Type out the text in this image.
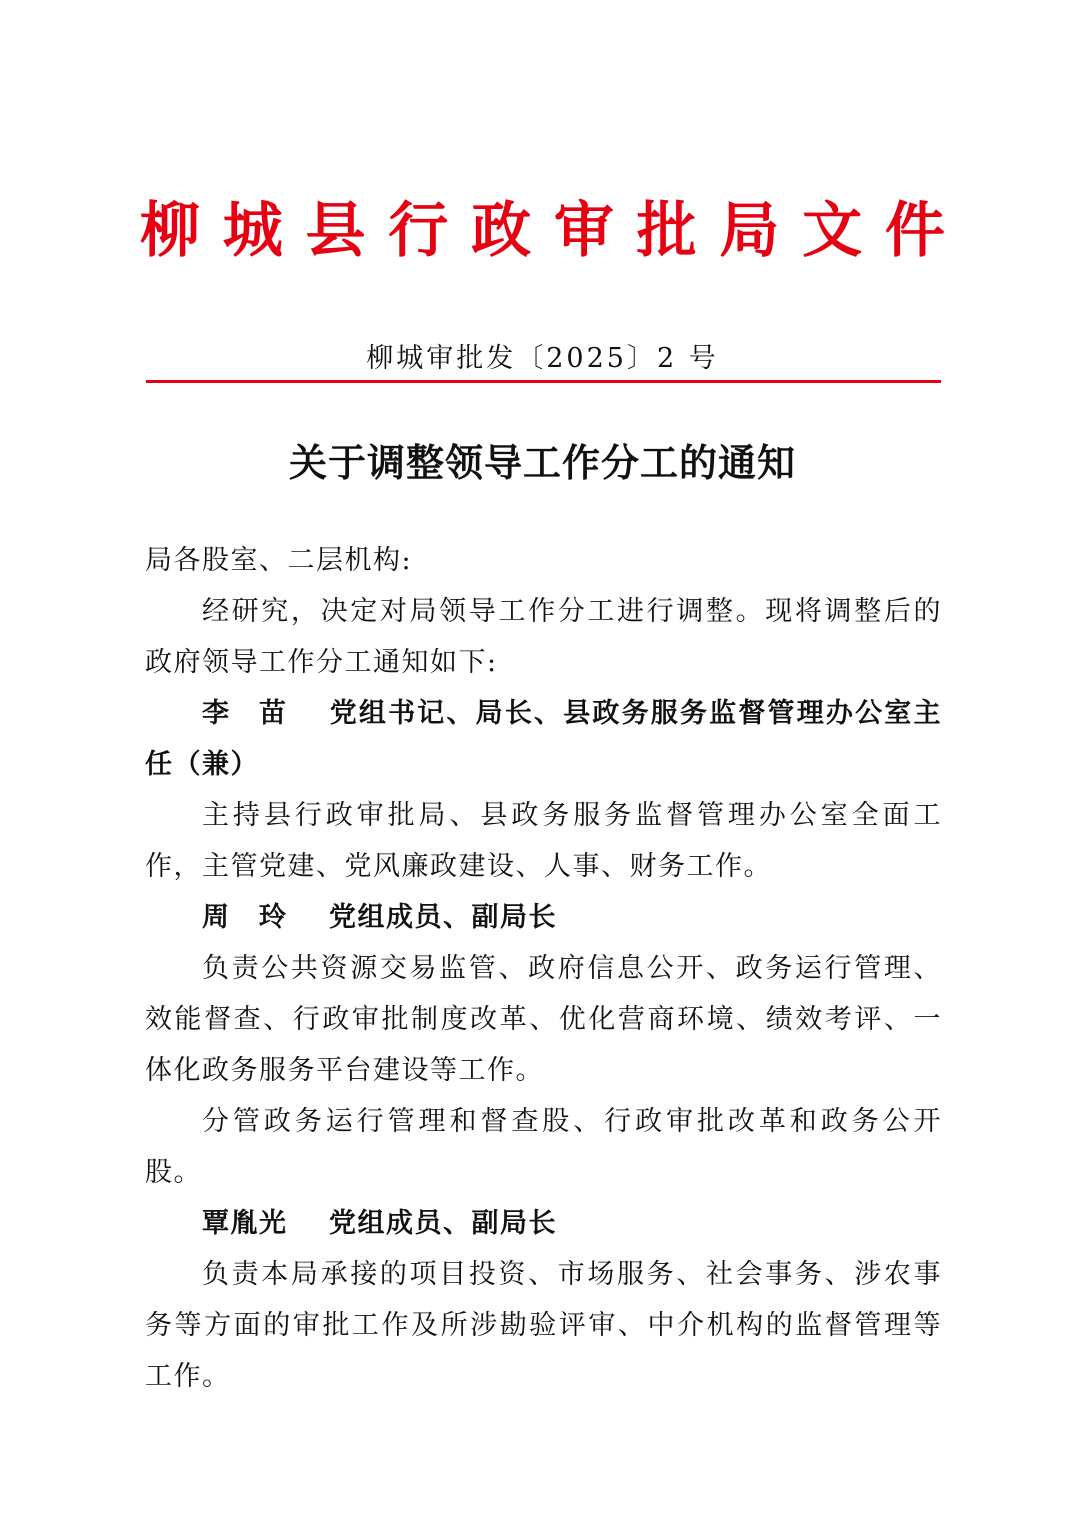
柳 城 县 行 政 审 批 局 文 件
柳城审批发〔2025〕2 号
关于调整领导工作分工的通知

局各股室、二层机构:

经研究，决定对局领导工作分工进行调整。现将调整后的政府领导工作分工通知如下:

李　苗 党组书记、局长、县政务服务监督管理办公室主任（兼）

主持县行政审批局、县政务服务监督管理办公室全面工作，主管党建、党风廉政建设、人事、财务工作。

周　玲 党组成员、副局长

负责公共资源交易监管、政府信息公开、政务运行管理、效能督查、行政审批制度改革、优化营商环境、绩效考评、一体化政务服务平台建设等工作。

分管政务运行管理和督查股、行政审批改革和政务公开股。

覃胤光 党组成员、副局长

负责本局承接的项目投资、市场服务、社会事务、涉农事务等方面的审批工作及所涉勘验评审、中介机构的监督管理等工作。
